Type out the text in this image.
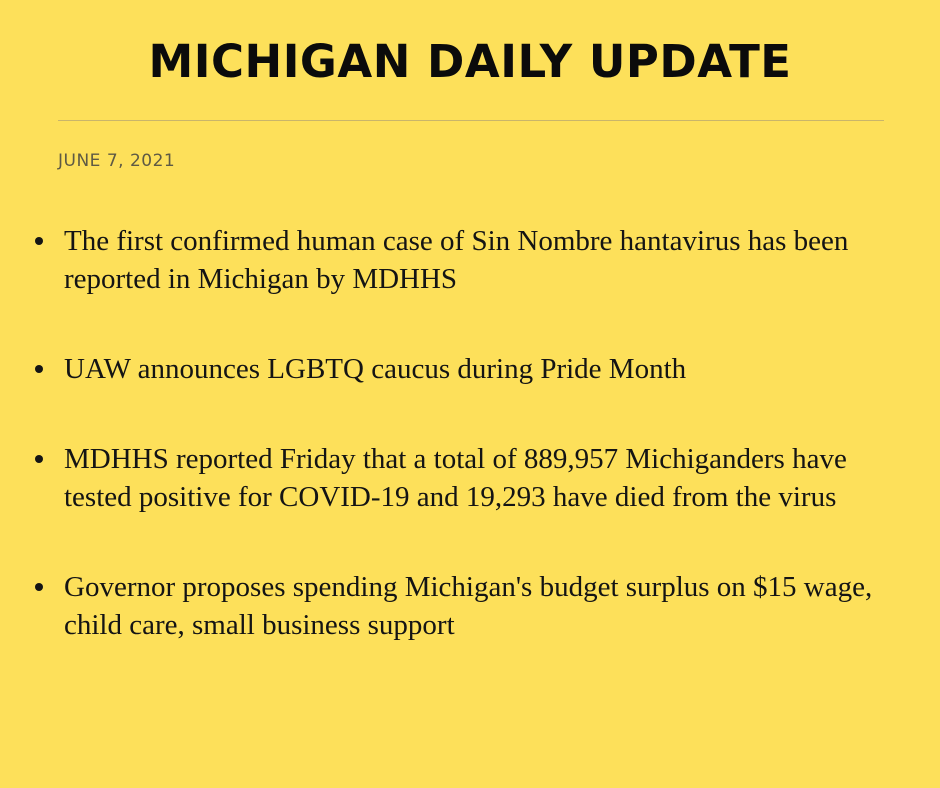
MICHIGAN DAILY UPDATE
JUNE 7, 2021
The first confirmed human case of Sin Nombre hantavirus has been reported in Michigan by MDHHS
UAW announces LGBTQ caucus during Pride Month
MDHHS reported Friday that a total of 889,957 Michiganders have tested positive for COVID-19 and 19,293 have died from the virus
Governor proposes spending Michigan's budget surplus on $15 wage, child care, small business support
